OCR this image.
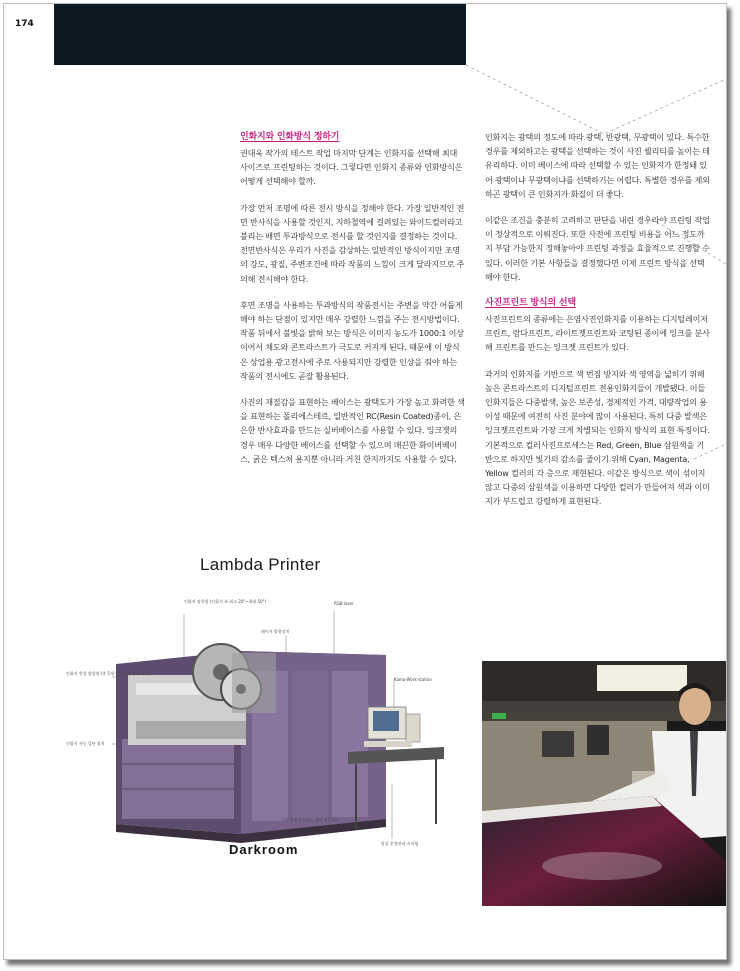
174
인화지와 인화방식 정하기

권대욱 작가의 테스트 작업 마지막 단계는 인화지를 선택해 최대 사이즈로 프린팅하는 것이다. 그렇다면 인화지 종류와 인화방식은 어떻게 선택해야 할까.

가장 먼저 조명에 따른 전시 방식을 정해야 한다. 가장 일반적인 전면 반사식을 사용할 것인지, 지하철역에 걸려있는 와이드컬러라고 불리는 배면 투과방식으로 전시를 할 것인지를 결정하는 것이다. 전면반사식은 우리가 사진을 감상하는 일반적인 방식이지만 조명의 강도, 광질, 주변조건에 따라 작품의 느낌이 크게 달라지므로 주의해 전시해야 한다.

후면 조명을 사용하는 투과방식의 작품전시는 주변을 약간 어둡게 해야 하는 단점이 있지만 매우 강렬한 느낌을 주는 전시방법이다. 작품 뒤에서 불빛을 밝혀 보는 방식은 이미지 농도가 1000:1 이상이어서 채도와 콘트라스트가 극도로 커지게 된다. 때문에 이 방식은 상업용 광고전시에 주로 사용되지만 강렬한 인상을 줘야 하는 작품의 전시에도 곧잘 활용된다.

사진의 재질감을 표현하는 베이스는 광택도가 가장 높고 화려한 색을 표현하는 폴리에스테르, 일반적인 RC(Resin Coated)종이, 은은한 반사효과를 만드는 실버베이스를 사용할 수 있다. 잉크젯의 경우 매우 다양한 베이스를 선택할 수 있으며 매끈한 화이버베이스, 굵은 텍스쳐 용지뿐 아니라 거친 한지까지도 사용할 수 있다.

인화지는 광택의 정도에 따라 광택, 반광택, 무광택이 있다. 특수한 경우를 제외하고는 광택을 선택하는 것이 사진 퀄리티를 높이는 데 유리하다. 이미 베이스에 따라 선택할 수 있는 인화지가 한정돼 있어 광택이냐 무광택이냐를 선택하기는 어렵다. 특별한 경우를 제외하곤 광택이 큰 인화지가 화질이 더 좋다.

이같은 조건을 충분히 고려하고 판단을 내린 경우라야 프린팅 작업이 정상적으로 이뤄진다. 또한 사전에 프린팅 비용을 어느 정도까지 부담 가능한지 정해놓아야 프린팅 과정을 효율적으로 진행할 수 있다. 이러한 기본 사항들을 결정했다면 이제 프린트 방식을 선택해야 한다.

사진프린트 방식의 선택

사진프린트의 종류에는 은염사진인화지를 이용하는 디지털레이저프린트, 람다프린트, 라이트젯프린트와 코팅된 종이에 잉크를 분사해 프린트를 만드는 잉크젯 프린트가 있다.

과거의 인화지를 기반으로 색 번짐 방지와 색 영역을 넓히기 위해 높은 콘트라스트의 디지털프린트 전용인화지들이 개발됐다. 이들 인화지들은 다중발색, 높은 보존성, 경제적인 가격, 대량작업의 용이성 때문에 여전히 사진 분야에 많이 사용된다. 특히 다중 발색은 잉크젯프린트와 가장 크게 차별되는 인화지 방식의 표현 특징이다. 기본적으로 컬러사진프로세스는 Red, Green, Blue 삼원색을 기반으로 하지만 빛기의 감소를 줄이기 위해 Cyan, Magenta, Yellow 컬러의 각 층으로 재현된다. 이같은 방식으로 색이 섞이지 않고 다중의 삼원색을 이용하면 다양한 컬러가 만들어져 색과 이미지가 부드럽고 강렬하게 표현된다.

Lambda Printer
인화지 장착함 (인화지 폭 최소 20"~최대 50")
레이저 발광장치
RGB laser
인화지 현상 발광원 (총 5개 인화지롤 장착 가능)
Kama-Work-station
인화지 자동 절단 장치
수평 운동의 (감도, 광원 적응성)
암실 운영관리 시작됨
Darkroom
